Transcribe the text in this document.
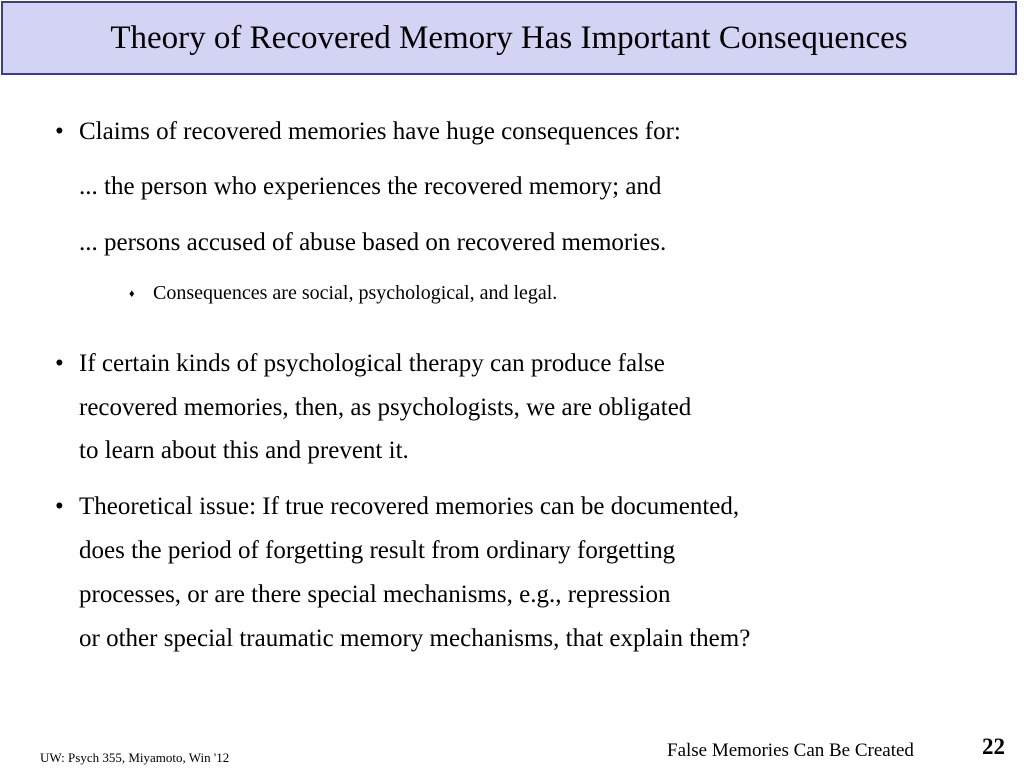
Theory of Recovered Memory Has Important Consequences
• Claims of recovered memories have huge consequences for:
... the person who experiences the recovered memory; and
... persons accused of abuse based on recovered memories.
♦ Consequences are social, psychological, and legal.
• If certain kinds of psychological therapy can produce false
recovered memories, then, as psychologists, we are obligated
to learn about this and prevent it.
• Theoretical issue: If true recovered memories can be documented,
does the period of forgetting result from ordinary forgetting
processes, or are there special mechanisms, e.g., repression
or other special traumatic memory mechanisms, that explain them?
UW: Psych 355, Miyamoto, Win '12	False Memories Can Be Created	22
